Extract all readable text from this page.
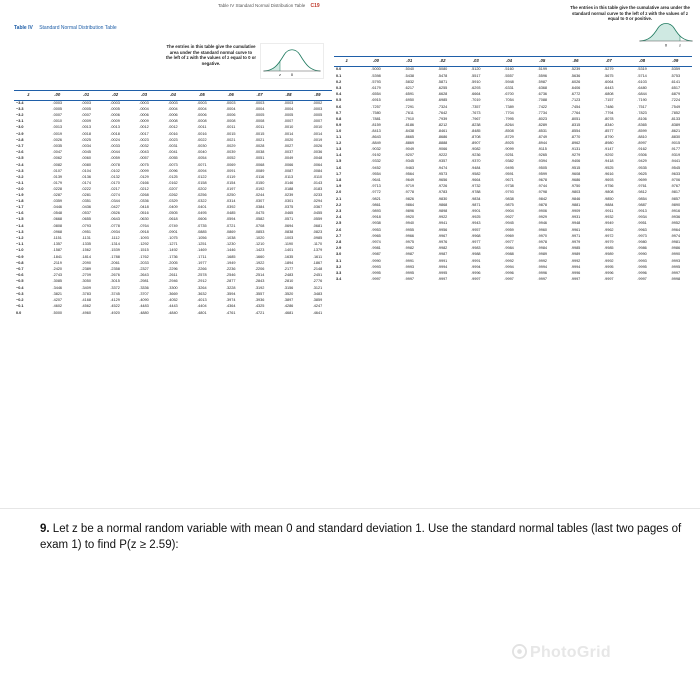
Table IV Standard Normal Distribution Table C19
Table IV Standard Normal Distribution Table
The entries in this table give the cumulative area under the standard normal curve to the left of z with the values of z equal to 0 or negative.
The entries in this table give the cumulative area under the standard normal curve to the left of z with the values of z equal to 0 or positive.
z	0
0	z
z	.00	.01	.02	.03	.04	.05	.06	.07	.08	.09
−3.4	.0003	.0003	.0003	.0003	.0003	.0003	.0003	.0003	.0003	.0002
−3.3	.0005	.0005	.0005	.0004	.0004	.0004	.0004	.0004	.0004	.0003
−3.2	.0007	.0007	.0006	.0006	.0006	.0006	.0006	.0005	.0005	.0005
−3.1	.0010	.0009	.0009	.0009	.0008	.0008	.0008	.0008	.0007	.0007
−3.0	.0013	.0013	.0013	.0012	.0012	.0011	.0011	.0011	.0010	.0010

−2.9	.0019	.0018	.0018	.0017	.0016	.0016	.0015	.0015	.0014	.0014
−2.8	.0026	.0025	.0024	.0023	.0023	.0022	.0021	.0021	.0020	.0019
−2.7	.0035	.0034	.0033	.0032	.0031	.0030	.0029	.0028	.0027	.0026
−2.6	.0047	.0045	.0044	.0043	.0041	.0040	.0039	.0038	.0037	.0036
−2.5	.0062	.0060	.0059	.0057	.0055	.0054	.0052	.0051	.0049	.0048

−2.4	.0082	.0080	.0078	.0075	.0073	.0071	.0069	.0068	.0066	.0064
−2.3	.0107	.0104	.0102	.0099	.0096	.0094	.0091	.0089	.0087	.0084
−2.2	.0139	.0136	.0132	.0129	.0125	.0122	.0119	.0116	.0113	.0110
−2.1	.0179	.0174	.0170	.0166	.0162	.0158	.0154	.0150	.0146	.0143
−2.0	.0228	.0222	.0217	.0212	.0207	.0202	.0197	.0192	.0188	.0183

−1.9	.0287	.0281	.0274	.0268	.0262	.0256	.0250	.0244	.0239	.0233
−1.8	.0359	.0351	.0344	.0336	.0329	.0322	.0314	.0307	.0301	.0294
−1.7	.0446	.0436	.0427	.0418	.0409	.0401	.0392	.0384	.0375	.0367
−1.6	.0548	.0537	.0526	.0516	.0505	.0495	.0485	.0475	.0465	.0455
−1.5	.0668	.0655	.0643	.0630	.0618	.0606	.0594	.0582	.0571	.0559

−1.4	.0808	.0793	.0778	.0764	.0749	.0735	.0721	.0708	.0694	.0681
−1.3	.0968	.0951	.0934	.0918	.0901	.0885	.0869	.0853	.0838	.0823
−1.2	.1151	.1131	.1112	.1093	.1075	.1056	.1038	.1020	.1003	.0985
−1.1	.1357	.1335	.1314	.1292	.1271	.1251	.1230	.1210	.1190	.1170
−1.0	.1587	.1562	.1539	.1515	.1492	.1469	.1446	.1423	.1401	.1379

−0.9	.1841	.1814	.1788	.1762	.1736	.1711	.1685	.1660	.1635	.1611
−0.8	.2119	.2090	.2061	.2033	.2005	.1977	.1949	.1922	.1894	.1867
−0.7	.2420	.2389	.2358	.2327	.2296	.2266	.2236	.2206	.2177	.2148
−0.6	.2743	.2709	.2676	.2643	.2611	.2578	.2546	.2514	.2483	.2451
−0.5	.3085	.3050	.3015	.2981	.2946	.2912	.2877	.2843	.2810	.2776

−0.4	.3446	.3409	.3372	.3336	.3300	.3264	.3228	.3192	.3156	.3121
−0.3	.3821	.3783	.3745	.3707	.3669	.3632	.3594	.3557	.3520	.3483
−0.2	.4207	.4168	.4129	.4090	.4052	.4013	.3974	.3936	.3897	.3859
−0.1	.4602	.4562	.4522	.4483	.4443	.4404	.4364	.4325	.4286	.4247

0.0	.5000	.4960	.4920	.4880	.4840	.4801	.4761	.4721	.4681	.4641
z	.00	.01	.02	.03	.04	.05	.06	.07	.08	.09
0.0	.5000	.5040	.5080	.5120	.5160	.5199	.5239	.5279	.5319	.5359

0.1	.5398	.5438	.5478	.5517	.5557	.5596	.5636	.5675	.5714	.5753
0.2	.5793	.5832	.5871	.5910	.5948	.5987	.6026	.6064	.6103	.6141
0.3	.6179	.6217	.6255	.6293	.6331	.6368	.6406	.6443	.6480	.6517
0.4	.6554	.6591	.6628	.6664	.6700	.6736	.6772	.6808	.6844	.6879
0.5	.6915	.6950	.6985	.7019	.7054	.7088	.7123	.7157	.7190	.7224

0.6	.7257	.7291	.7324	.7357	.7389	.7422	.7454	.7486	.7517	.7549
0.7	.7580	.7611	.7642	.7673	.7704	.7734	.7764	.7794	.7823	.7852
0.8	.7881	.7910	.7939	.7967	.7995	.8023	.8051	.8078	.8106	.8133
0.9	.8159	.8186	.8212	.8238	.8264	.8289	.8315	.8340	.8365	.8389
1.0	.8413	.8438	.8461	.8485	.8508	.8531	.8554	.8577	.8599	.8621

1.1	.8643	.8665	.8686	.8708	.8729	.8749	.8770	.8790	.8810	.8830
1.2	.8849	.8869	.8888	.8907	.8925	.8944	.8962	.8980	.8997	.9015
1.3	.9032	.9049	.9066	.9082	.9099	.9115	.9131	.9147	.9162	.9177
1.4	.9192	.9207	.9222	.9236	.9251	.9265	.9279	.9292	.9306	.9319
1.5	.9332	.9345	.9357	.9370	.9382	.9394	.9406	.9418	.9429	.9441

1.6	.9452	.9463	.9474	.9484	.9495	.9505	.9515	.9525	.9535	.9545
1.7	.9554	.9564	.9573	.9582	.9591	.9599	.9608	.9616	.9625	.9633
1.8	.9641	.9649	.9656	.9664	.9671	.9678	.9686	.9693	.9699	.9706
1.9	.9713	.9719	.9726	.9732	.9738	.9744	.9750	.9756	.9761	.9767
2.0	.9772	.9778	.9783	.9788	.9793	.9798	.9803	.9808	.9812	.9817

2.1	.9821	.9826	.9830	.9834	.9838	.9842	.9846	.9850	.9854	.9857
2.2	.9861	.9864	.9868	.9871	.9875	.9878	.9881	.9884	.9887	.9890
2.3	.9893	.9896	.9898	.9901	.9904	.9906	.9909	.9911	.9913	.9916
2.4	.9918	.9920	.9922	.9925	.9927	.9929	.9931	.9932	.9934	.9936
2.5	.9938	.9940	.9941	.9943	.9945	.9946	.9948	.9949	.9951	.9952

2.6	.9953	.9955	.9956	.9957	.9959	.9960	.9961	.9962	.9963	.9964
2.7	.9965	.9966	.9967	.9968	.9969	.9970	.9971	.9972	.9973	.9974
2.8	.9974	.9975	.9976	.9977	.9977	.9978	.9979	.9979	.9980	.9981
2.9	.9981	.9982	.9982	.9983	.9984	.9984	.9985	.9985	.9986	.9986
3.0	.9987	.9987	.9987	.9988	.9988	.9989	.9989	.9989	.9990	.9990

3.1	.9990	.9991	.9991	.9991	.9992	.9992	.9992	.9992	.9993	.9993
3.2	.9993	.9993	.9994	.9994	.9994	.9994	.9994	.9995	.9995	.9995
3.3	.9995	.9995	.9995	.9996	.9996	.9996	.9996	.9996	.9996	.9997
3.4	.9997	.9997	.9997	.9997	.9997	.9997	.9997	.9997	.9997	.9998
9. Let z be a normal random variable with mean 0 and standard deviation 1. Use the standard normal tables (last two pages of exam 1) to find P(z ≥ 2.59):
PhotoGrid
